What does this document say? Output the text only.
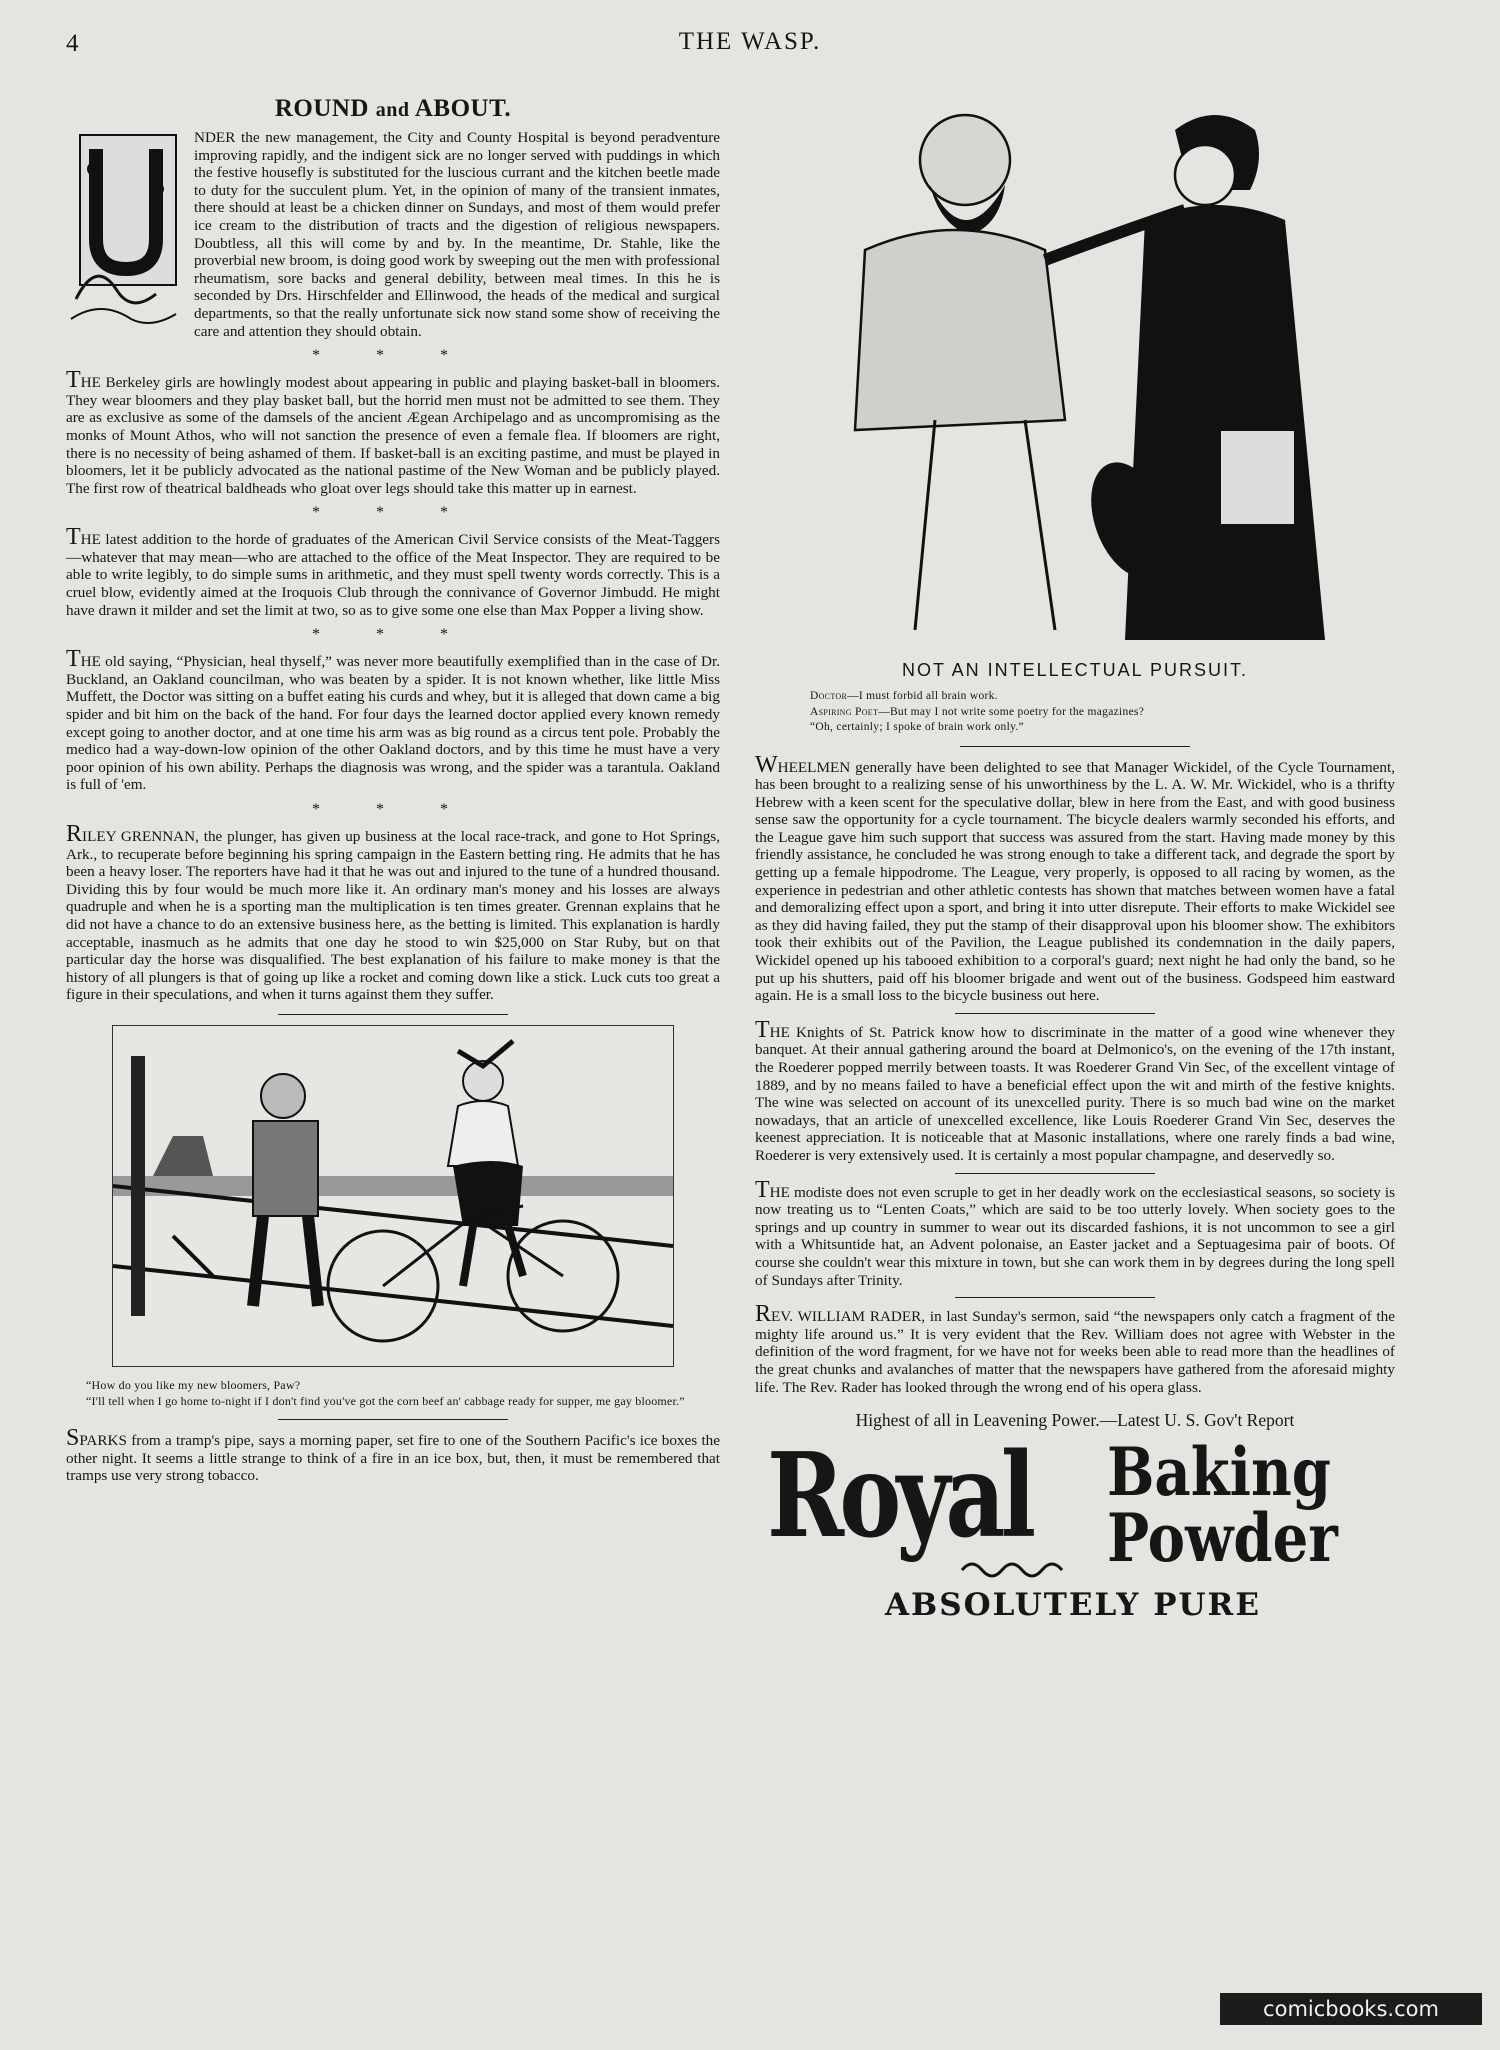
4	THE WASP.
ROUND and ABOUT.

NDER the new management, the City and County Hospital is beyond peradventure improving rapidly, and the indigent sick are no longer served with puddings in which the festive housefly is substituted for the luscious currant and the kitchen beetle made to duty for the succulent plum. Yet, in the opinion of many of the transient inmates, there should at least be a chicken dinner on Sundays, and most of them would prefer ice cream to the distribution of tracts and the digestion of religious newspapers. Doubtless, all this will come by and by. In the meantime, Dr. Stahle, like the proverbial new broom, is doing good work by sweeping out the men with professional rheumatism, sore backs and general debility, between meal times. In this he is seconded by Drs. Hirschfelder and Ellinwood, the heads of the medical and surgical departments, so that the really unfortunate sick now stand some show of receiving the care and attention they should obtain.

* * *

THE Berkeley girls are howlingly modest about appearing in public and playing basket-ball in bloomers. They wear bloomers and they play basket ball, but the horrid men must not be admitted to see them. They are as exclusive as some of the damsels of the ancient Ægean Archipelago and as uncompromising as the monks of Mount Athos, who will not sanction the presence of even a female flea. If bloomers are right, there is no necessity of being ashamed of them. If basket-ball is an exciting pastime, and must be played in bloomers, let it be publicly advocated as the national pastime of the New Woman and be publicly played. The first row of theatrical baldheads who gloat over legs should take this matter up in earnest.

* * *

THE latest addition to the horde of graduates of the American Civil Service consists of the Meat-Taggers—whatever that may mean—who are attached to the office of the Meat Inspector. They are required to be able to write legibly, to do simple sums in arithmetic, and they must spell twenty words correctly. This is a cruel blow, evidently aimed at the Iroquois Club through the connivance of Governor Jimbudd. He might have drawn it milder and set the limit at two, so as to give some one else than Max Popper a living show.

* * *

THE old saying, “Physician, heal thyself,” was never more beautifully exemplified than in the case of Dr. Buckland, an Oakland councilman, who was beaten by a spider. It is not known whether, like little Miss Muffett, the Doctor was sitting on a buffet eating his curds and whey, but it is alleged that down came a big spider and bit him on the back of the hand. For four days the learned doctor applied every known remedy except going to another doctor, and at one time his arm was as big round as a circus tent pole. Probably the medico had a way-down-low opinion of the other Oakland doctors, and by this time he must have a very poor opinion of his own ability. Perhaps the diagnosis was wrong, and the spider was a tarantula. Oakland is full of 'em.

* * *

RILEY GRENNAN, the plunger, has given up business at the local race-track, and gone to Hot Springs, Ark., to recuperate before beginning his spring campaign in the Eastern betting ring. He admits that he has been a heavy loser. The reporters have had it that he was out and injured to the tune of a hundred thousand. Dividing this by four would be much more like it. An ordinary man's money and his losses are always quadruple and when he is a sporting man the multiplication is ten times greater. Grennan explains that he did not have a chance to do an extensive business here, as the betting is limited. This explanation is hardly acceptable, inasmuch as he admits that one day he stood to win $25,000 on Star Ruby, but on that particular day the horse was disqualified. The best explanation of his failure to make money is that the history of all plungers is that of going up like a rocket and coming down like a stick. Luck cuts too great a figure in their speculations, and when it turns against them they suffer.

“How do you like my new bloomers, Paw?
“I'll tell when I go home to-night if I don't find you've got the corn beef an' cabbage ready for supper, me gay bloomer.”

SPARKS from a tramp's pipe, says a morning paper, set fire to one of the Southern Pacific's ice boxes the other night. It seems a little strange to think of a fire in an ice box, but, then, it must be remembered that tramps use very strong tobacco.

NOT AN INTELLECTUAL PURSUIT.
Doctor—I must forbid all brain work.
Aspiring Poet—But may I not write some poetry for the magazines?
“Oh, certainly; I spoke of brain work only.”

WHEELMEN generally have been delighted to see that Manager Wickidel, of the Cycle Tournament, has been brought to a realizing sense of his unworthiness by the L. A. W. Mr. Wickidel, who is a thrifty Hebrew with a keen scent for the speculative dollar, blew in here from the East, and with good business sense saw the opportunity for a cycle tournament. The bicycle dealers warmly seconded his efforts, and the League gave him such support that success was assured from the start. Having made money by this friendly assistance, he concluded he was strong enough to take a different tack, and degrade the sport by getting up a female hippodrome. The League, very properly, is opposed to all racing by women, as the experience in pedestrian and other athletic contests has shown that matches between women have a fatal and demoralizing effect upon a sport, and bring it into utter disrepute. Their efforts to make Wickidel see as they did having failed, they put the stamp of their disapproval upon his bloomer show. The exhibitors took their exhibits out of the Pavilion, the League published its condemnation in the daily papers, Wickidel opened up his tabooed exhibition to a corporal's guard; next night he had only the band, so he put up his shutters, paid off his bloomer brigade and went out of the business. Godspeed him eastward again. He is a small loss to the bicycle business out here.

THE Knights of St. Patrick know how to discriminate in the matter of a good wine whenever they banquet. At their annual gathering around the board at Delmonico's, on the evening of the 17th instant, the Roederer popped merrily between toasts. It was Roederer Grand Vin Sec, of the excellent vintage of 1889, and by no means failed to have a beneficial effect upon the wit and mirth of the festive knights. The wine was selected on account of its unexcelled purity. There is so much bad wine on the market nowadays, that an article of unexcelled excellence, like Louis Roederer Grand Vin Sec, deserves the keenest appreciation. It is noticeable that at Masonic installations, where one rarely finds a bad wine, Roederer is very extensively used. It is certainly a most popular champagne, and deservedly so.

THE modiste does not even scruple to get in her deadly work on the ecclesiastical seasons, so society is now treating us to “Lenten Coats,” which are said to be too utterly lovely. When society goes to the springs and up country in summer to wear out its discarded fashions, it is not uncommon to see a girl with a Whitsuntide hat, an Advent polonaise, an Easter jacket and a Septuagesima pair of boots. Of course she couldn't wear this mixture in town, but she can work them in by degrees during the long spell of Sundays after Trinity.

REV. WILLIAM RADER, in last Sunday's sermon, said “the newspapers only catch a fragment of the mighty life around us.” It is very evident that the Rev. William does not agree with Webster in the definition of the word fragment, for we have not for weeks been able to read more than the headlines of the great chunks and avalanches of matter that the newspapers have gathered from the aforesaid mighty life. The Rev. Rader has looked through the wrong end of his opera glass.

Highest of all in Leavening Power.—Latest U. S. Gov't Report
Royal Baking
Powder
ABSOLUTELY PURE
comicbooks.com
